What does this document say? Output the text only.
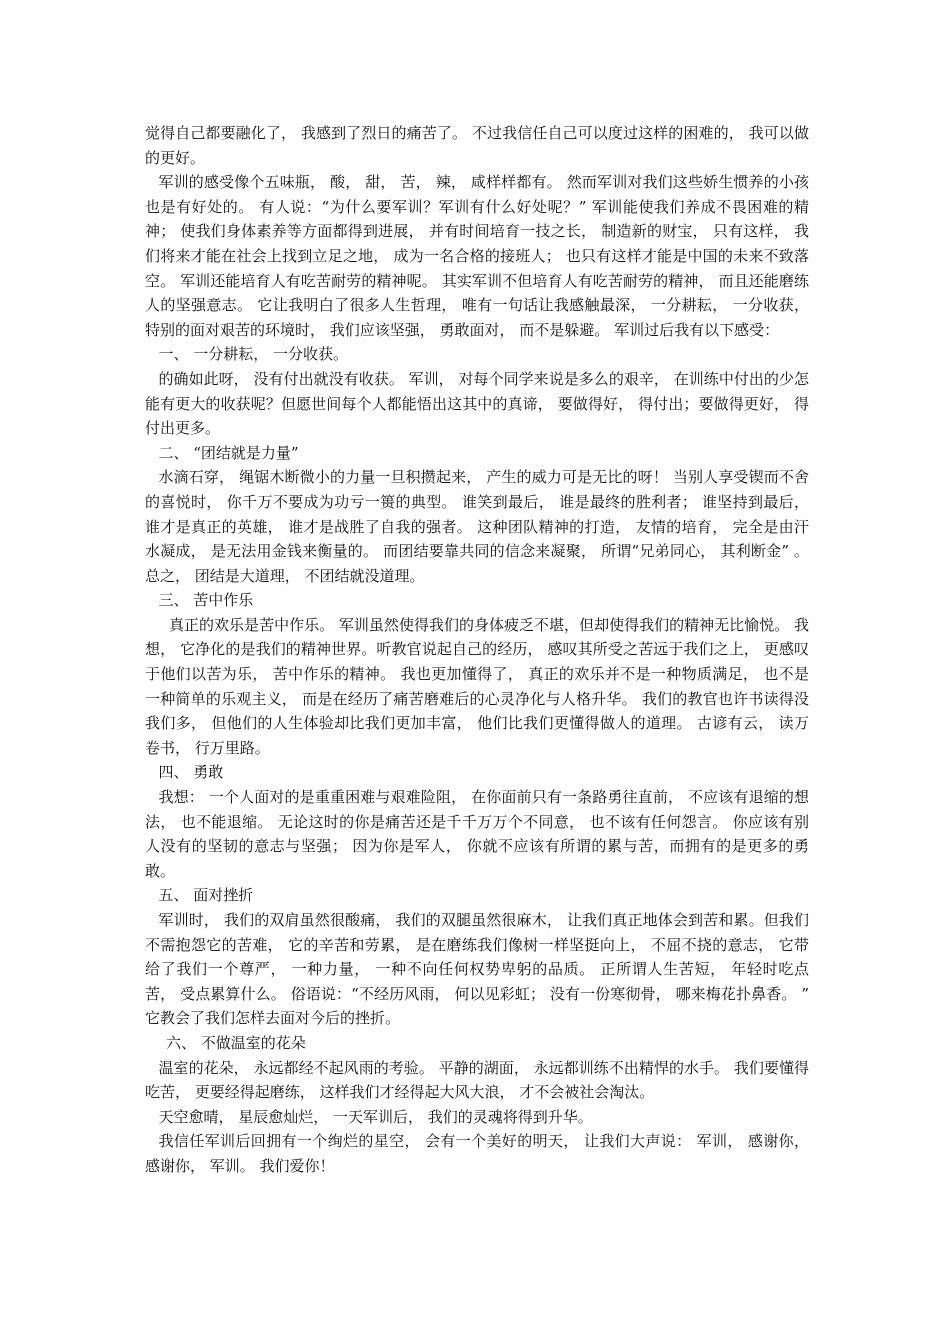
觉得自己都要融化了， 我感到了烈日的痛苦了。 不过我信任自己可以度过这样的困难的， 我可以做的更好。

军训的感受像个五味瓶， 酸， 甜， 苦， 辣， 咸样样都有。 然而军训对我们这些娇生惯养的小孩也是有好处的。 有人说：“为什么要军训？军训有什么好处呢？” 军训能使我们养成不畏困难的精神； 使我们身体素养等方面都得到进展， 并有时间培育一技之长， 制造新的财宝， 只有这样， 我们将来才能在社会上找到立足之地， 成为一名合格的接班人； 也只有这样才能是中国的未来不致落空。 军训还能培育人有吃苦耐劳的精神呢。 其实军训不但培育人有吃苦耐劳的精神， 而且还能磨练人的坚强意志。 它让我明白了很多人生哲理， 唯有一句话让我感触最深， 一分耕耘， 一分收获， 特别的面对艰苦的环境时， 我们应该坚强， 勇敢面对， 而不是躲避。 军训过后我有以下感受：

一、 一分耕耘， 一分收获。

的确如此呀， 没有付出就没有收获。 军训， 对每个同学来说是多么的艰辛， 在训练中付出的少怎能有更大的收获呢？但愿世间每个人都能悟出这其中的真谛， 要做得好， 得付出；要做得更好， 得付出更多。

二、 “团结就是力量”

水滴石穿， 绳锯木断微小的力量一旦积攒起来， 产生的威力可是无比的呀！ 当别人享受锲而不舍的喜悦时， 你千万不要成为功亏一篑的典型。 谁笑到最后， 谁是最终的胜利者； 谁坚持到最后， 谁才是真正的英雄， 谁才是战胜了自我的强者。 这种团队精神的打造， 友情的培育， 完全是由汗水凝成， 是无法用金钱来衡量的。 而团结要靠共同的信念来凝聚， 所谓“兄弟同心， 其利断金” 。 总之， 团结是大道理， 不团结就没道理。

三、 苦中作乐

真正的欢乐是苦中作乐。 军训虽然使得我们的身体疲乏不堪，但却使得我们的精神无比愉悦。 我想， 它净化的是我们的精神世界。听教官说起自己的经历， 感叹其所受之苦远于我们之上， 更感叹于他们以苦为乐， 苦中作乐的精神。 我也更加懂得了， 真正的欢乐并不是一种物质满足， 也不是一种简单的乐观主义， 而是在经历了痛苦磨难后的心灵净化与人格升华。 我们的教官也许书读得没我们多， 但他们的人生体验却比我们更加丰富， 他们比我们更懂得做人的道理。 古谚有云， 读万卷书， 行万里路。

四、 勇敢

我想： 一个人面对的是重重困难与艰难险阻， 在你面前只有一条路勇往直前， 不应该有退缩的想法， 也不能退缩。 无论这时的你是痛苦还是千千万万个不同意， 也不该有任何怨言。 你应该有别人没有的坚韧的意志与坚强； 因为你是军人， 你就不应该有所谓的累与苦，而拥有的是更多的勇敢。

五、 面对挫折

军训时， 我们的双肩虽然很酸痛， 我们的双腿虽然很麻木， 让我们真正地体会到苦和累。但我们不需抱怨它的苦难， 它的辛苦和劳累， 是在磨练我们像树一样坚挺向上， 不屈不挠的意志， 它带给了我们一个尊严， 一种力量， 一种不向任何权势卑躬的品质。 正所谓人生苦短， 年轻时吃点苦， 受点累算什么。 俗语说：“不经历风雨， 何以见彩虹； 没有一份寒彻骨， 哪来梅花扑鼻香。 ” 它教会了我们怎样去面对今后的挫折。

六、 不做温室的花朵

温室的花朵， 永远都经不起风雨的考验。 平静的湖面， 永远都训练不出精悍的水手。 我们要懂得吃苦， 更要经得起磨练， 这样我们才经得起大风大浪， 才不会被社会淘汰。

天空愈晴， 星辰愈灿烂， 一天军训后， 我们的灵魂将得到升华。

我信任军训后回拥有一个绚烂的星空， 会有一个美好的明天， 让我们大声说： 军训， 感谢你， 感谢你， 军训。 我们爱你！
